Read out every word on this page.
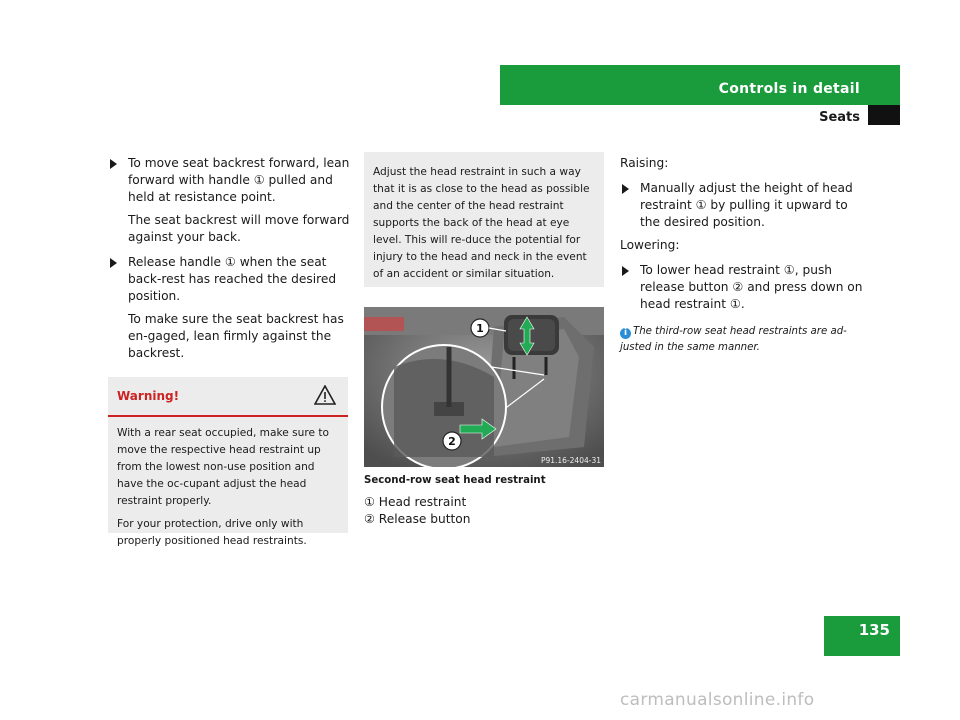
Controls in detail
Seats

To move seat backrest forward, lean forward with handle ① pulled and held at resistance point.

The seat backrest will move forward against your back.

Release handle ① when the seat back-rest has reached the desired position.

To make sure the seat backrest has en-gaged, lean firmly against the backrest.

Warning!

With a rear seat occupied, make sure to move the respective head restraint up from the lowest non-use position and have the oc-cupant adjust the head restraint properly.

For your protection, drive only with properly positioned head restraints.

Adjust the head restraint in such a way that it is as close to the head as possible and the center of the head restraint supports the back of the head at eye level. This will re-duce the potential for injury to the head and neck in the event of an accident or similar situation.
1
2
P91.16-2404-31
Second-row seat head restraint
① Head restraint
② Release button

Raising:

Manually adjust the height of head restraint ① by pulling it upward to the desired position.

Lowering:

To lower head restraint ①, push release button ② and press down on head restraint ①.

i The third-row seat head restraints are ad-justed in the same manner.
135
carmanualsonline.info
